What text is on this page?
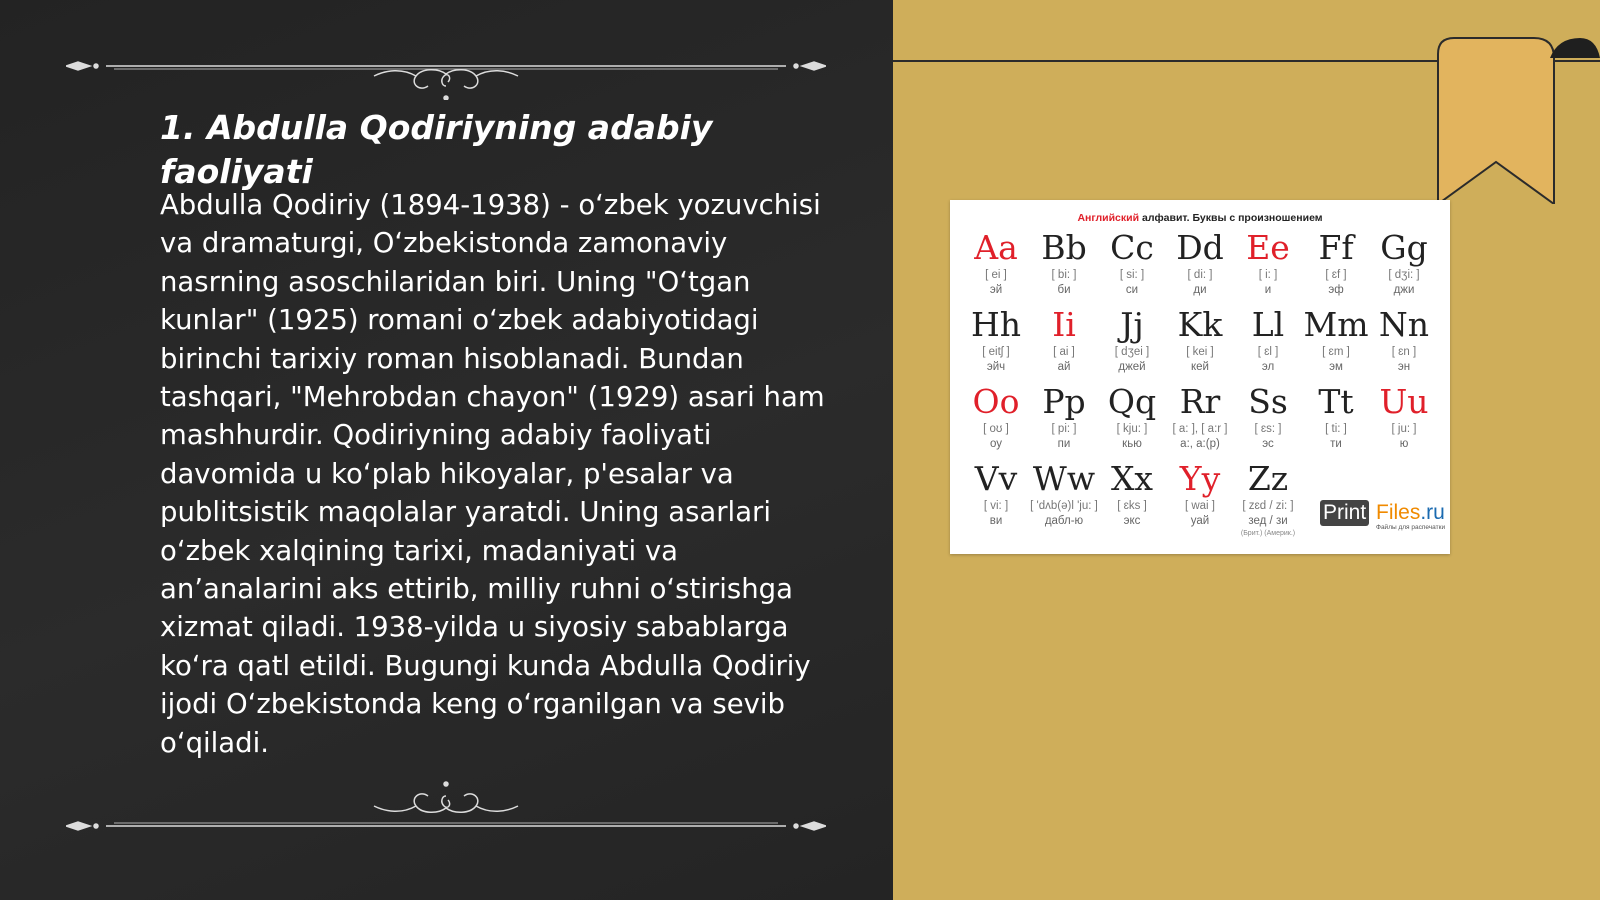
1. Abdulla Qodiriyning adabiy faoliyati

Abdulla Qodiriy (1894-1938) - oʻzbek yozuvchisi va dramaturgi, Oʻzbekistonda zamonaviy nasrning asoschilaridan biri. Uning "Oʻtgan kunlar" (1925) romani oʻzbek adabiyotidagi birinchi tarixiy roman hisoblanadi. Bundan tashqari, "Mehrobdan chayon" (1929) asari ham mashhurdir. Qodiriyning adabiy faoliyati davomida u koʻplab hikoyalar, p'esalar va publitsistik maqolalar yaratdi. Uning asarlari oʻzbek xalqining tarixi, madaniyati va an’analarini aks ettirib, milliy ruhni oʻstirishga xizmat qiladi. 1938-yilda u siyosiy sabablarga koʻra qatl etildi. Bugungi kunda Abdulla Qodiriy ijodi Oʻzbekistonda keng oʻrganilgan va sevib oʻqiladi.

Английский алфавит. Буквы с произношением
Aa
[ ei ]
эй
Bb
[ bi: ]
би
Cc
[ si: ]
си
Dd
[ di: ]
ди
Ee
[ i: ]
и
Ff
[ ɛf ]
эф
Gg
[ dʒi: ]
джи
Hh
[ eitʃ ]
эйч
Ii
[ ai ]
ай
Jj
[ dʒei ]
джей
Kk
[ kei ]
кей
Ll
[ ɛl ]
эл
Mm
[ ɛm ]
эм
Nn
[ ɛn ]
эн
Oo
[ oʊ ]
оу
Pp
[ pi: ]
пи
Qq
[ kju: ]
кью
Rr
[ a: ], [ a:r ]
а:, а:(р)
Ss
[ ɛs: ]
эс
Tt
[ ti: ]
ти
Uu
[ ju: ]
ю
Vv
[ vi: ]
ви
Ww
[ 'dʌb(ə)l 'ju: ]
дабл-ю
Xx
[ ɛks ]
экс
Yy
[ wai ]
уай
Zz
[ zɛd / zi: ]
зед / зи
(Брит.) (Америк.)
Print Files.ru
Файлы для распечатки
